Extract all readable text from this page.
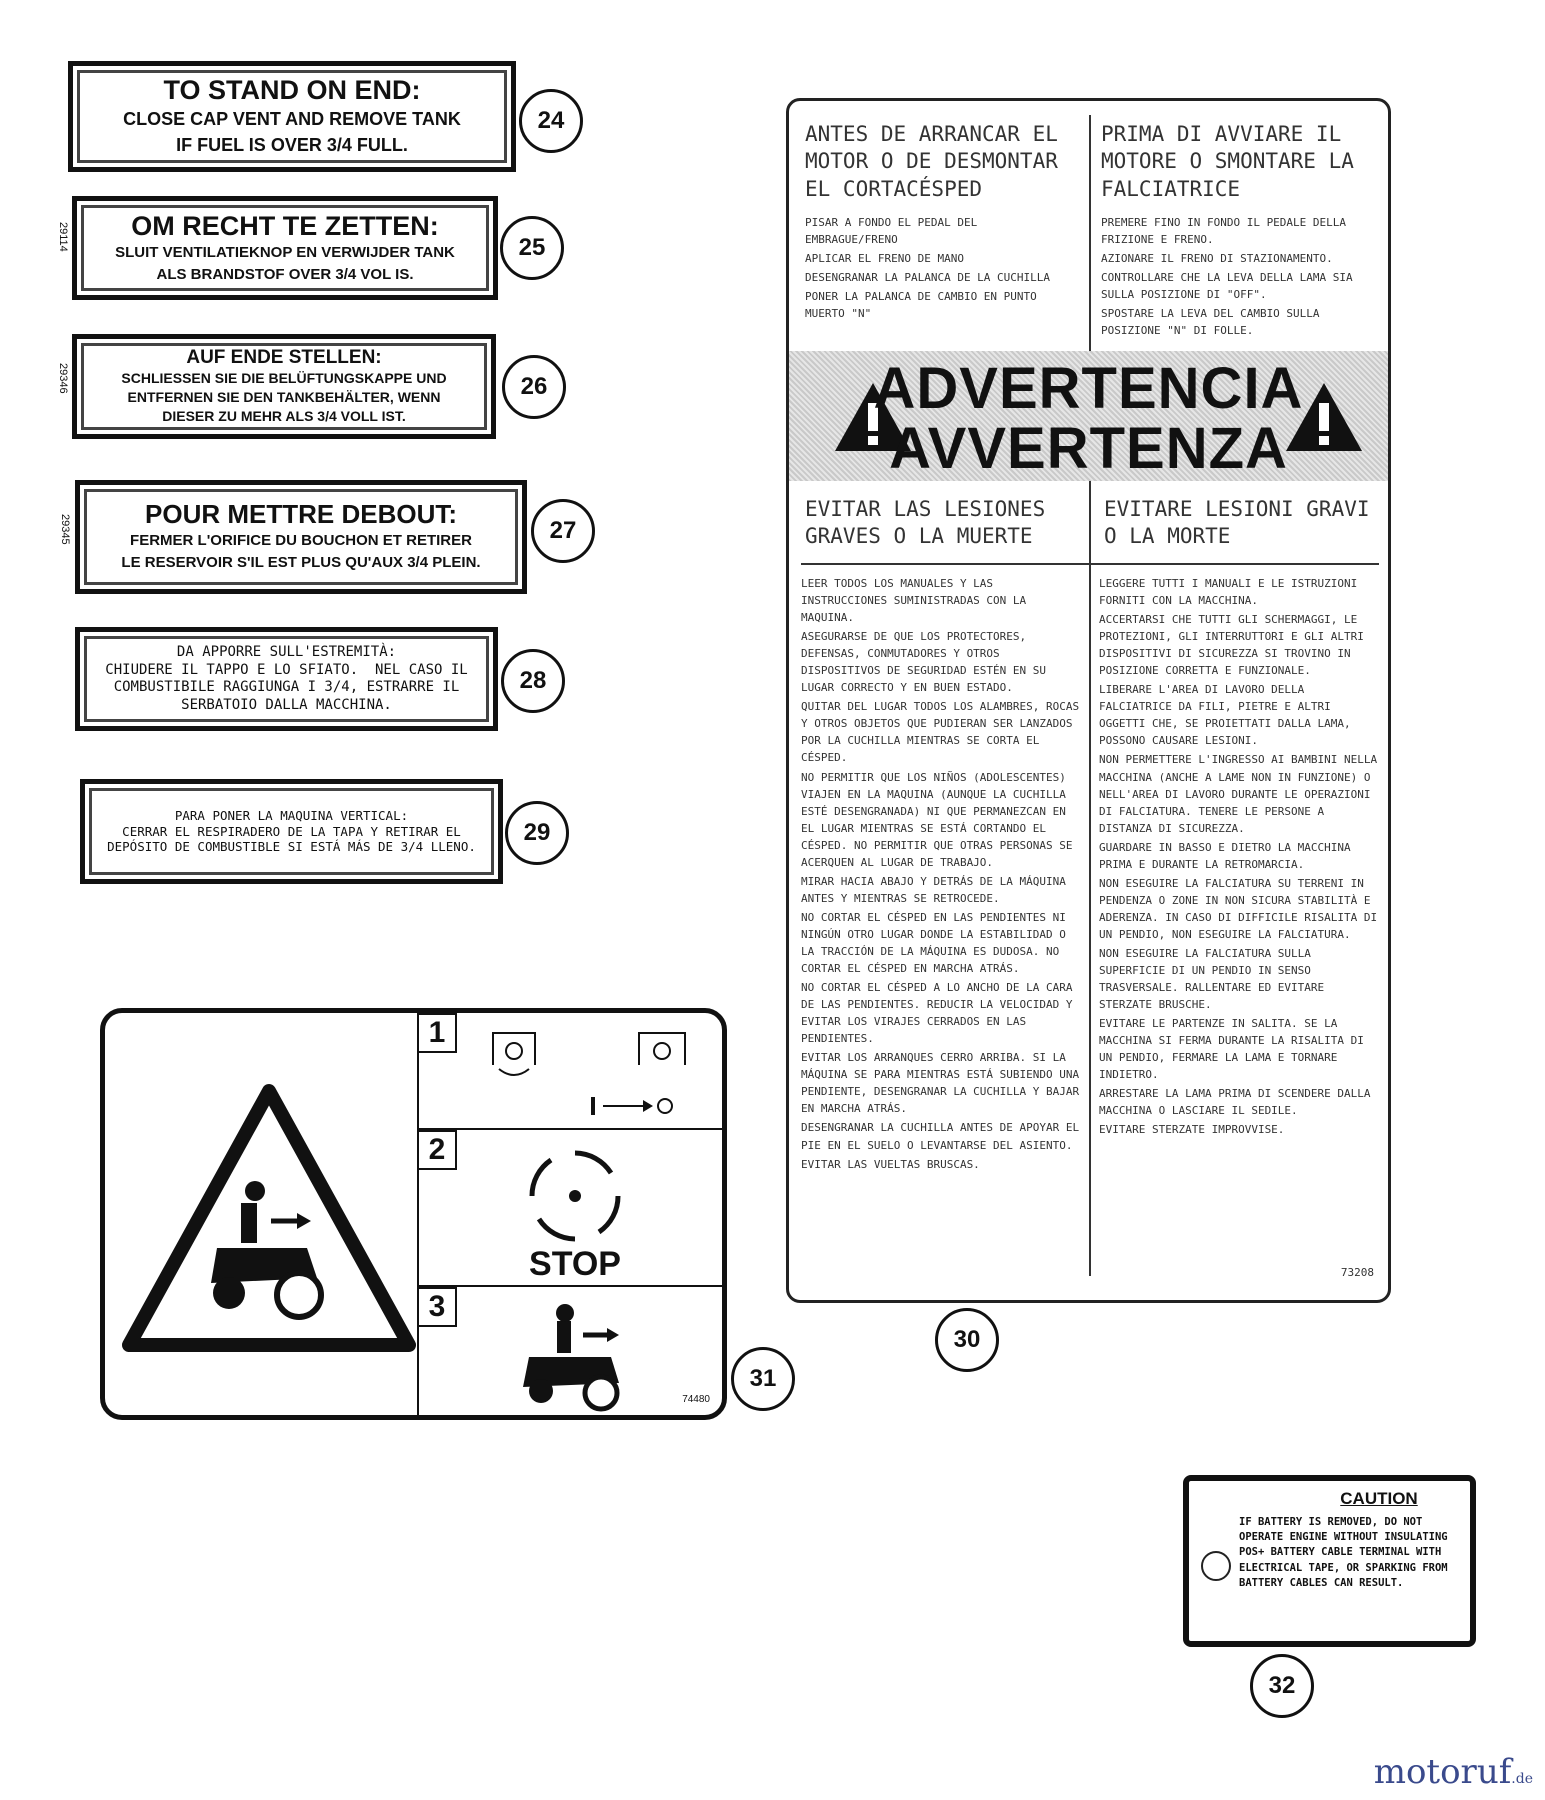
TO STAND ON END:
CLOSE CAP VENT AND REMOVE TANK
IF FUEL IS OVER 3/4 FULL.
24
OM RECHT TE ZETTEN:
SLUIT VENTILATIEKNOP EN VERWIJDER TANK
ALS BRANDSTOF OVER 3/4 VOL IS.
29114	25
AUF ENDE STELLEN:
SCHLIESSEN SIE DIE BELÜFTUNGSKAPPE UND
ENTFERNEN SIE DEN TANKBEHÄLTER, WENN
DIESER ZU MEHR ALS 3/4 VOLL IST.
29346	26
POUR METTRE DEBOUT:
FERMER L'ORIFICE DU BOUCHON ET RETIRER
LE RESERVOIR S'IL EST PLUS QU'AUX 3/4 PLEIN.
29345	27
DA APPORRE SULL'ESTREMITÀ:
CHIUDERE IL TAPPO E LO SFIATO.  NEL CASO IL
COMBUSTIBILE RAGGIUNGA I 3/4, ESTRARRE IL
SERBATOIO DALLA MACCHINA.
28
PARA PONER LA MAQUINA VERTICAL:
CERRAR EL RESPIRADERO DE LA TAPA Y RETIRAR EL
DEPÓSITO DE COMBUSTIBLE SI ESTÁ MÁS DE 3/4 LLENO.
29
ANTES DE ARRANCAR EL MOTOR O DE DESMONTAR EL CORTACÉSPED
PRIMA DI AVVIARE IL MOTORE O SMONTARE LA FALCIATRICE
PISAR A FONDO EL PEDAL DEL EMBRAGUE/FRENO
APLICAR EL FRENO DE MANO
DESENGRANAR LA PALANCA DE LA CUCHILLA
PONER LA PALANCA DE CAMBIO EN PUNTO MUERTO "N"
PREMERE FINO IN FONDO IL PEDALE DELLA FRIZIONE E FRENO.
AZIONARE IL FRENO DI STAZIONAMENTO.
CONTROLLARE CHE LA LEVA DELLA LAMA SIA SULLA POSIZIONE DI "OFF".
SPOSTARE LA LEVA DEL CAMBIO SULLA POSIZIONE "N" DI FOLLE.
ADVERTENCIA
AVVERTENZA
EVITAR LAS LESIONES GRAVES O LA MUERTE
EVITARE LESIONI GRAVI O LA MORTE
LEER TODOS LOS MANUALES Y LAS INSTRUCCIONES SUMINISTRADAS CON LA MAQUINA.
ASEGURARSE DE QUE LOS PROTECTORES, DEFENSAS, CONMUTADORES Y OTROS DISPOSITIVOS DE SEGURIDAD ESTÉN EN SU LUGAR CORRECTO Y EN BUEN ESTADO.
QUITAR DEL LUGAR TODOS LOS ALAMBRES, ROCAS Y OTROS OBJETOS QUE PUDIERAN SER LANZADOS POR LA CUCHILLA MIENTRAS SE CORTA EL CÉSPED.
NO PERMITIR QUE LOS NIÑOS (ADOLESCENTES) VIAJEN EN LA MAQUINA (AUNQUE LA CUCHILLA ESTÉ DESENGRANADA) NI QUE PERMANEZCAN EN EL LUGAR MIENTRAS SE ESTÁ CORTANDO EL CÉSPED. NO PERMITIR QUE OTRAS PERSONAS SE ACERQUEN AL LUGAR DE TRABAJO.
MIRAR HACIA ABAJO Y DETRÁS DE LA MÁQUINA ANTES Y MIENTRAS SE RETROCEDE.
NO CORTAR EL CÉSPED EN LAS PENDIENTES NI NINGÚN OTRO LUGAR DONDE LA ESTABILIDAD O LA TRACCIÓN DE LA MÁQUINA ES DUDOSA. NO CORTAR EL CÉSPED EN MARCHA ATRÁS.
NO CORTAR EL CÉSPED A LO ANCHO DE LA CARA DE LAS PENDIENTES. REDUCIR LA VELOCIDAD Y EVITAR LOS VIRAJES CERRADOS EN LAS PENDIENTES.
EVITAR LOS ARRANQUES CERRO ARRIBA. SI LA MÁQUINA SE PARA MIENTRAS ESTÁ SUBIENDO UNA PENDIENTE, DESENGRANAR LA CUCHILLA Y BAJAR EN MARCHA ATRÁS.
DESENGRANAR LA CUCHILLA ANTES DE APOYAR EL PIE EN EL SUELO O LEVANTARSE DEL ASIENTO.
EVITAR LAS VUELTAS BRUSCAS.
LEGGERE TUTTI I MANUALI E LE ISTRUZIONI FORNITI CON LA MACCHINA.
ACCERTARSI CHE TUTTI GLI SCHERMAGGI, LE PROTEZIONI, GLI INTERRUTTORI E GLI ALTRI DISPOSITIVI DI SICUREZZA SI TROVINO IN POSIZIONE CORRETTA E FUNZIONALE.
LIBERARE L'AREA DI LAVORO DELLA FALCIATRICE DA FILI, PIETRE E ALTRI OGGETTI CHE, SE PROIETTATI DALLA LAMA, POSSONO CAUSARE LESIONI.
NON PERMETTERE L'INGRESSO AI BAMBINI NELLA MACCHINA (ANCHE A LAME NON IN FUNZIONE) O NELL'AREA DI LAVORO DURANTE LE OPERAZIONI DI FALCIATURA. TENERE LE PERSONE A DISTANZA DI SICUREZZA.
GUARDARE IN BASSO E DIETRO LA MACCHINA PRIMA E DURANTE LA RETROMARCIA.
NON ESEGUIRE LA FALCIATURA SU TERRENI IN PENDENZA O ZONE IN NON SICURA STABILITÀ E ADERENZA. IN CASO DI DIFFICILE RISALITA DI UN PENDIO, NON ESEGUIRE LA FALCIATURA.
NON ESEGUIRE LA FALCIATURA SULLA SUPERFICIE DI UN PENDIO IN SENSO TRASVERSALE. RALLENTARE ED EVITARE STERZATE BRUSCHE.
EVITARE LE PARTENZE IN SALITA. SE LA MACCHINA SI FERMA DURANTE LA RISALITA DI UN PENDIO, FERMARE LA LAMA E TORNARE INDIETRO.
ARRESTARE LA LAMA PRIMA DI SCENDERE DALLA MACCHINA O LASCIARE IL SEDILE.
EVITARE STERZATE IMPROVVISE.
73208
30
1
2
STOP
3
74480
31
CAUTION
IF BATTERY IS REMOVED, DO NOT OPERATE ENGINE WITHOUT INSULATING POS+ BATTERY CABLE TERMINAL WITH ELECTRICAL TAPE, OR SPARKING FROM BATTERY CABLES CAN RESULT.
32
motoruf.de
